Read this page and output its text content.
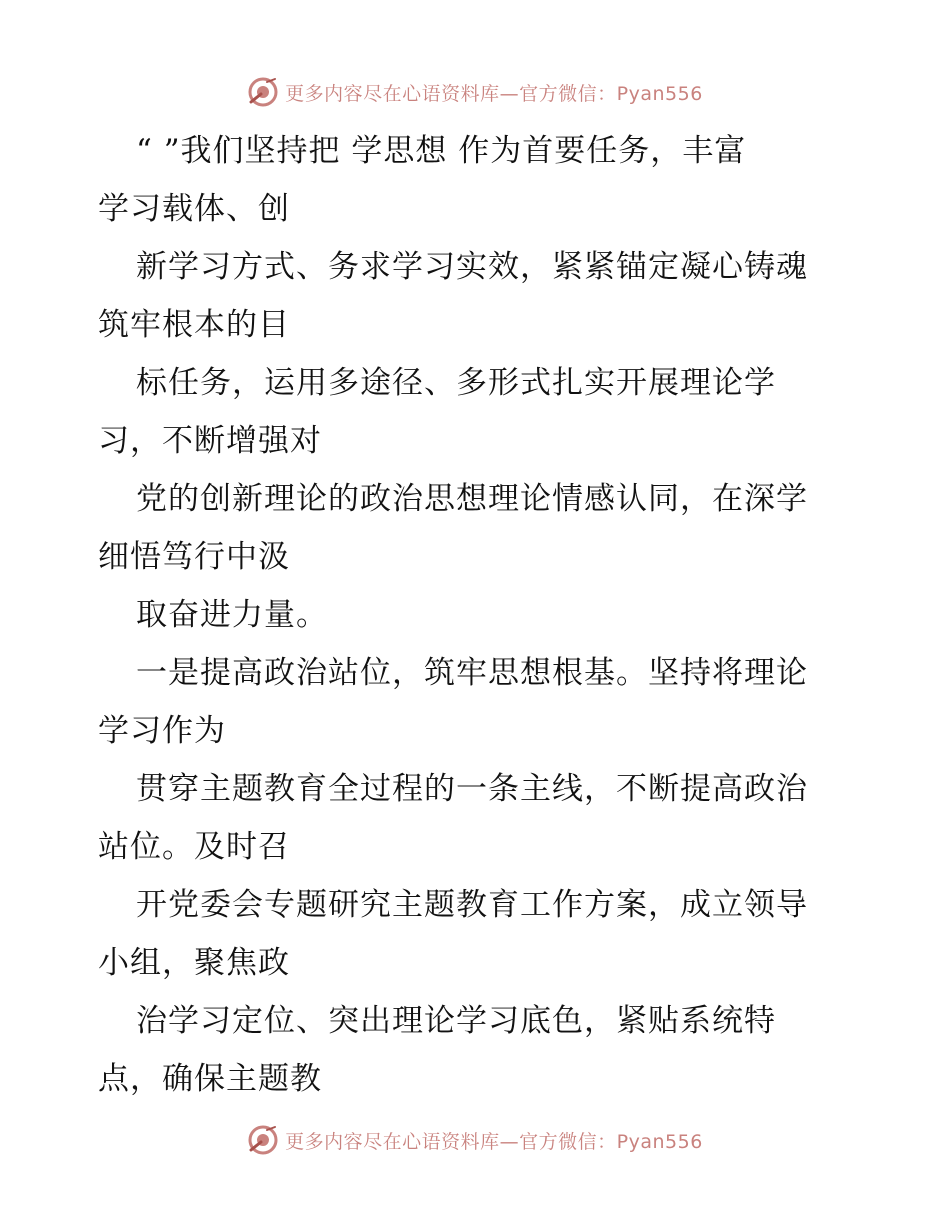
更多内容尽在心语资料库—官方微信：Pyan556
“ ”我们坚持把 学思想 作为首要任务，丰富
学习载体、创
新学习方式、务求学习实效，紧紧锚定凝心铸魂
筑牢根本的目
标任务，运用多途径、多形式扎实开展理论学
习，不断增强对
党的创新理论的政治思想理论情感认同，在深学
细悟笃行中汲
取奋进力量。
一是提高政治站位，筑牢思想根基。坚持将理论
学习作为
贯穿主题教育全过程的一条主线，不断提高政治
站位。及时召
开党委会专题研究主题教育工作方案，成立领导
小组，聚焦政
治学习定位、突出理论学习底色，紧贴系统特
点，确保主题教
更多内容尽在心语资料库—官方微信：Pyan556
